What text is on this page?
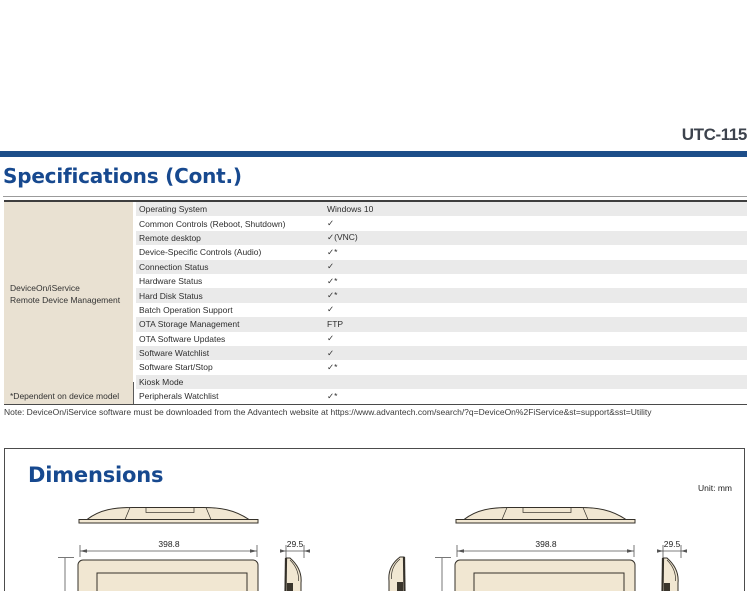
UTC-115
Specifications (Cont.)
DeviceOn/iService
Remote Device Management
*Dependent on device model
Operating System	Windows 10
Common Controls (Reboot, Shutdown)	✓
Remote desktop	✓(VNC)
Device-Specific Controls (Audio)	✓*
Connection Status	✓
Hardware Status	✓*
Hard Disk Status	✓*
Batch Operation Support	✓
OTA Storage Management	FTP
OTA Software Updates	✓
Software Watchlist	✓
Software Start/Stop	✓*
Kiosk Mode
Peripherals Watchlist	✓*
Note: DeviceOn/iService software must be downloaded from the Advantech website at https://www.advantech.com/search/?q=DeviceOn%2FiService&st=support&sst=Utility
Dimensions
Unit: mm
398.8	29.5	398.8	29.5
